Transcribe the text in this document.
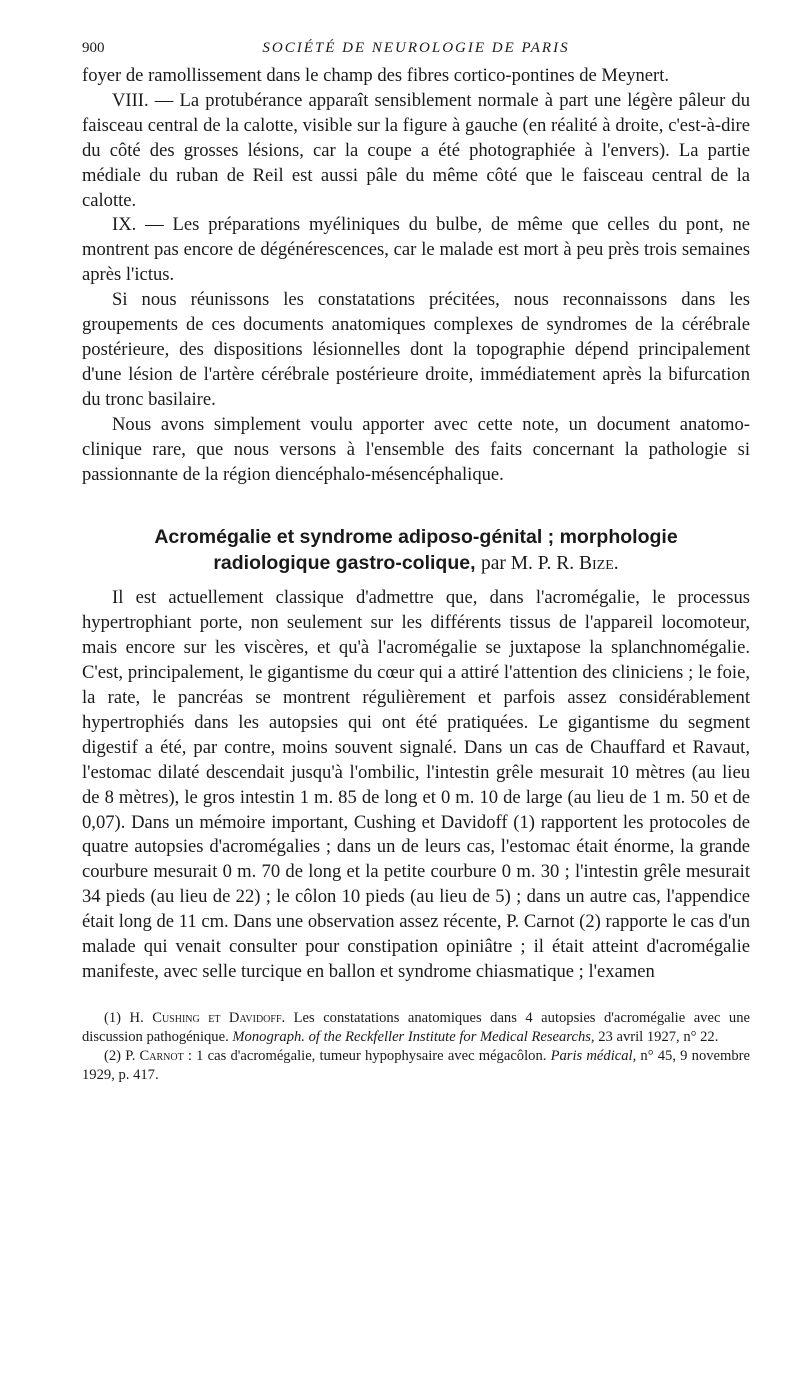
900	SOCIÉTÉ DE NEUROLOGIE DE PARIS

foyer de ramollissement dans le champ des fibres cortico-pontines de Meynert.

VIII. — La protubérance apparaît sensiblement normale à part une légère pâleur du faisceau central de la calotte, visible sur la figure à gauche (en réalité à droite, c'est-à-dire du côté des grosses lésions, car la coupe a été photographiée à l'envers). La partie médiale du ruban de Reil est aussi pâle du même côté que le faisceau central de la calotte.

IX. — Les préparations myéliniques du bulbe, de même que celles du pont, ne montrent pas encore de dégénérescences, car le malade est mort à peu près trois semaines après l'ictus.

Si nous réunissons les constatations précitées, nous reconnaissons dans les groupements de ces documents anatomiques complexes de syndromes de la cérébrale postérieure, des dispositions lésionnelles dont la topographie dépend principalement d'une lésion de l'artère cérébrale postérieure droite, immédiatement après la bifurcation du tronc basilaire.

Nous avons simplement voulu apporter avec cette note, un document anatomo-clinique rare, que nous versons à l'ensemble des faits concernant la pathologie si passionnante de la région diencéphalo-mésencéphalique.

Acromégalie et syndrome adiposo-génital ; morphologie
radiologique gastro-colique, par M. P. R. Bize.

Il est actuellement classique d'admettre que, dans l'acromégalie, le processus hypertrophiant porte, non seulement sur les différents tissus de l'appareil locomoteur, mais encore sur les viscères, et qu'à l'acromégalie se juxtapose la splanchnomégalie. C'est, principalement, le gigantisme du cœur qui a attiré l'attention des cliniciens ; le foie, la rate, le pancréas se montrent régulièrement et parfois assez considérablement hypertrophiés dans les autopsies qui ont été pratiquées. Le gigantisme du segment digestif a été, par contre, moins souvent signalé. Dans un cas de Chauffard et Ravaut, l'estomac dilaté descendait jusqu'à l'ombilic, l'intestin grêle mesurait 10 mètres (au lieu de 8 mètres), le gros intestin 1 m. 85 de long et 0 m. 10 de large (au lieu de 1 m. 50 et de 0,07). Dans un mémoire important, Cushing et Davidoff (1) rapportent les protocoles de quatre autopsies d'acromégalies ; dans un de leurs cas, l'estomac était énorme, la grande courbure mesurait 0 m. 70 de long et la petite courbure 0 m. 30 ; l'intestin grêle mesurait 34 pieds (au lieu de 22) ; le côlon 10 pieds (au lieu de 5) ; dans un autre cas, l'appendice était long de 11 cm. Dans une observation assez récente, P. Carnot (2) rapporte le cas d'un malade qui venait consulter pour constipation opiniâtre ; il était atteint d'acromégalie manifeste, avec selle turcique en ballon et syndrome chiasmatique ; l'examen

(1) H. Cushing et Davidoff. Les constatations anatomiques dans 4 autopsies d'acromégalie avec une discussion pathogénique. Monograph. of the Reckfeller Institute for Medical Researchs, 23 avril 1927, n° 22.

(2) P. Carnot : 1 cas d'acromégalie, tumeur hypophysaire avec mégacôlon. Paris médical, n° 45, 9 novembre 1929, p. 417.
